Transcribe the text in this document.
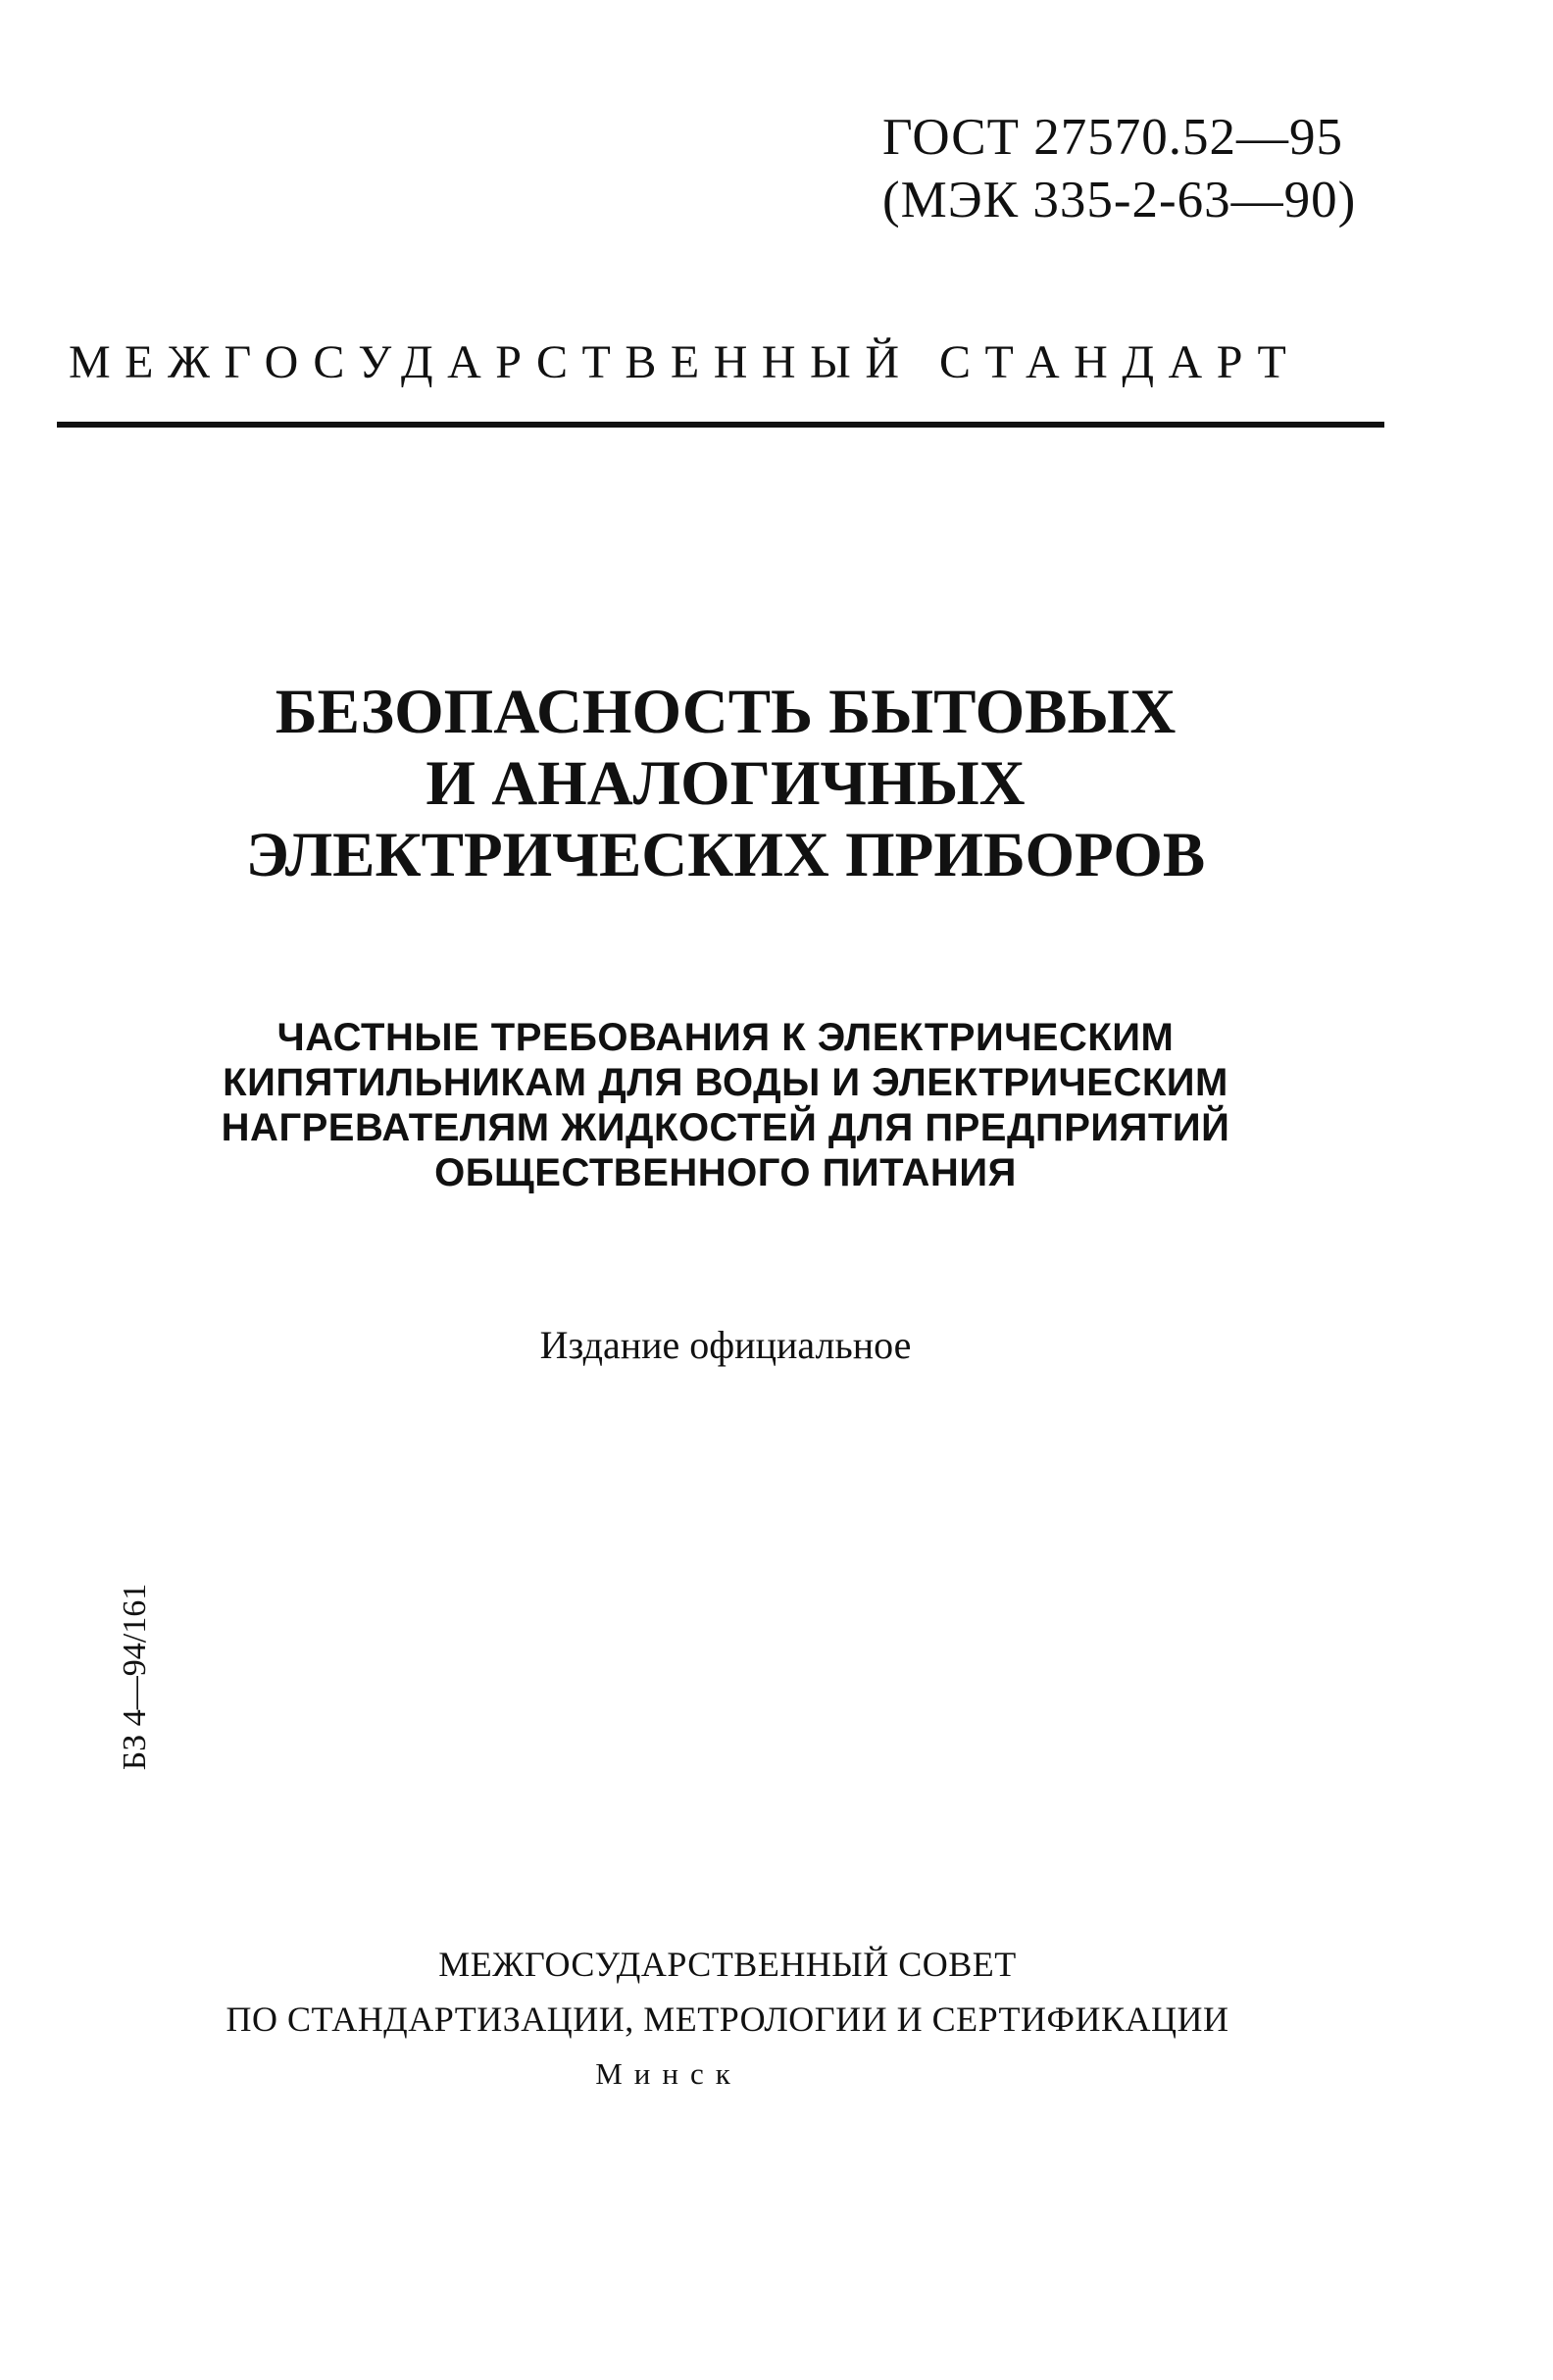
ГОСТ 27570.52—95
(МЭК 335-2-63—90)
МЕЖГОСУДАРСТВЕННЫЙ СТАНДАРТ
БЕЗОПАСНОСТЬ БЫТОВЫХ
И АНАЛОГИЧНЫХ
ЭЛЕКТРИЧЕСКИХ ПРИБОРОВ
ЧАСТНЫЕ ТРЕБОВАНИЯ К ЭЛЕКТРИЧЕСКИМ
КИПЯТИЛЬНИКАМ ДЛЯ ВОДЫ И ЭЛЕКТРИЧЕСКИМ
НАГРЕВАТЕЛЯМ ЖИДКОСТЕЙ ДЛЯ ПРЕДПРИЯТИЙ
ОБЩЕСТВЕННОГО ПИТАНИЯ
Издание официальное
БЗ 4—94/161
МЕЖГОСУДАРСТВЕННЫЙ СОВЕТ
ПО СТАНДАРТИЗАЦИИ, МЕТРОЛОГИИ И СЕРТИФИКАЦИИ
Минск
